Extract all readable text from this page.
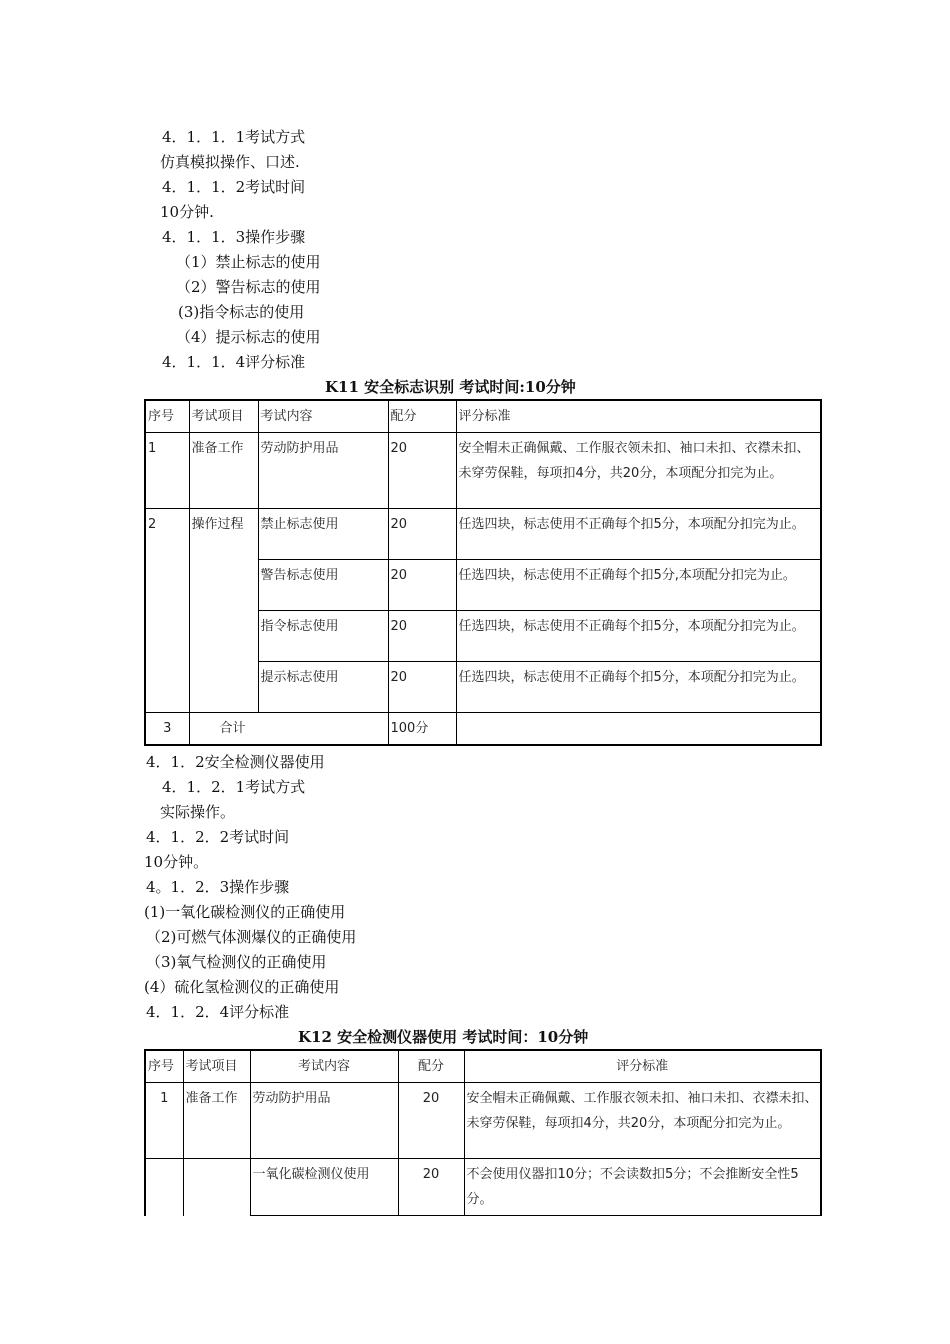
4．1．1．1考试方式
仿真模拟操作、口述.
4．1．1．2考试时间
10分钟.
4．1．1．3操作步骤
（1）禁止标志的使用
（2）警告标志的使用
(3)指令标志的使用
（4）提示标志的使用
4．1．1．4评分标准
K11 安全标志识别 考试时间:10分钟
序号	考试项目	考试内容	配分	评分标准
1	准备工作	劳动防护用品	20	安全帽未正确佩戴、工作服衣领未扣、袖口未扣、衣襟未扣、未穿劳保鞋，每项扣4分，共20分，本项配分扣完为止。
2	操作过程	禁止标志使用	20	任选四块，标志使用不正确每个扣5分，本项配分扣完为止。
		警告标志使用	20	任选四块，标志使用不正确每个扣5分,本项配分扣完为止。
		指令标志使用	20	任选四块，标志使用不正确每个扣5分，本项配分扣完为止。
		提示标志使用	20	任选四块，标志使用不正确每个扣5分，本项配分扣完为止。
3	合计		100分	
4．1．2安全检测仪器使用
4．1．2．1考试方式
实际操作。
4．1．2．2考试时间
10分钟。
4。1．2．3操作步骤
(1)一氧化碳检测仪的正确使用
（2)可燃气体测爆仪的正确使用
（3)氧气检测仪的正确使用
(4）硫化氢检测仪的正确使用
4．1．2．4评分标准
K12 安全检测仪器使用 考试时间：10分钟
序号	考试项目	考试内容	配分	评分标准
1	准备工作	劳动防护用品	20	安全帽未正确佩戴、工作服衣领未扣、袖口未扣、衣襟未扣、未穿劳保鞋，每项扣4分，共20分，本项配分扣完为止。
		一氧化碳检测仪使用	20	不会使用仪器扣10分；不会读数扣5分；不会推断安全性5分。
